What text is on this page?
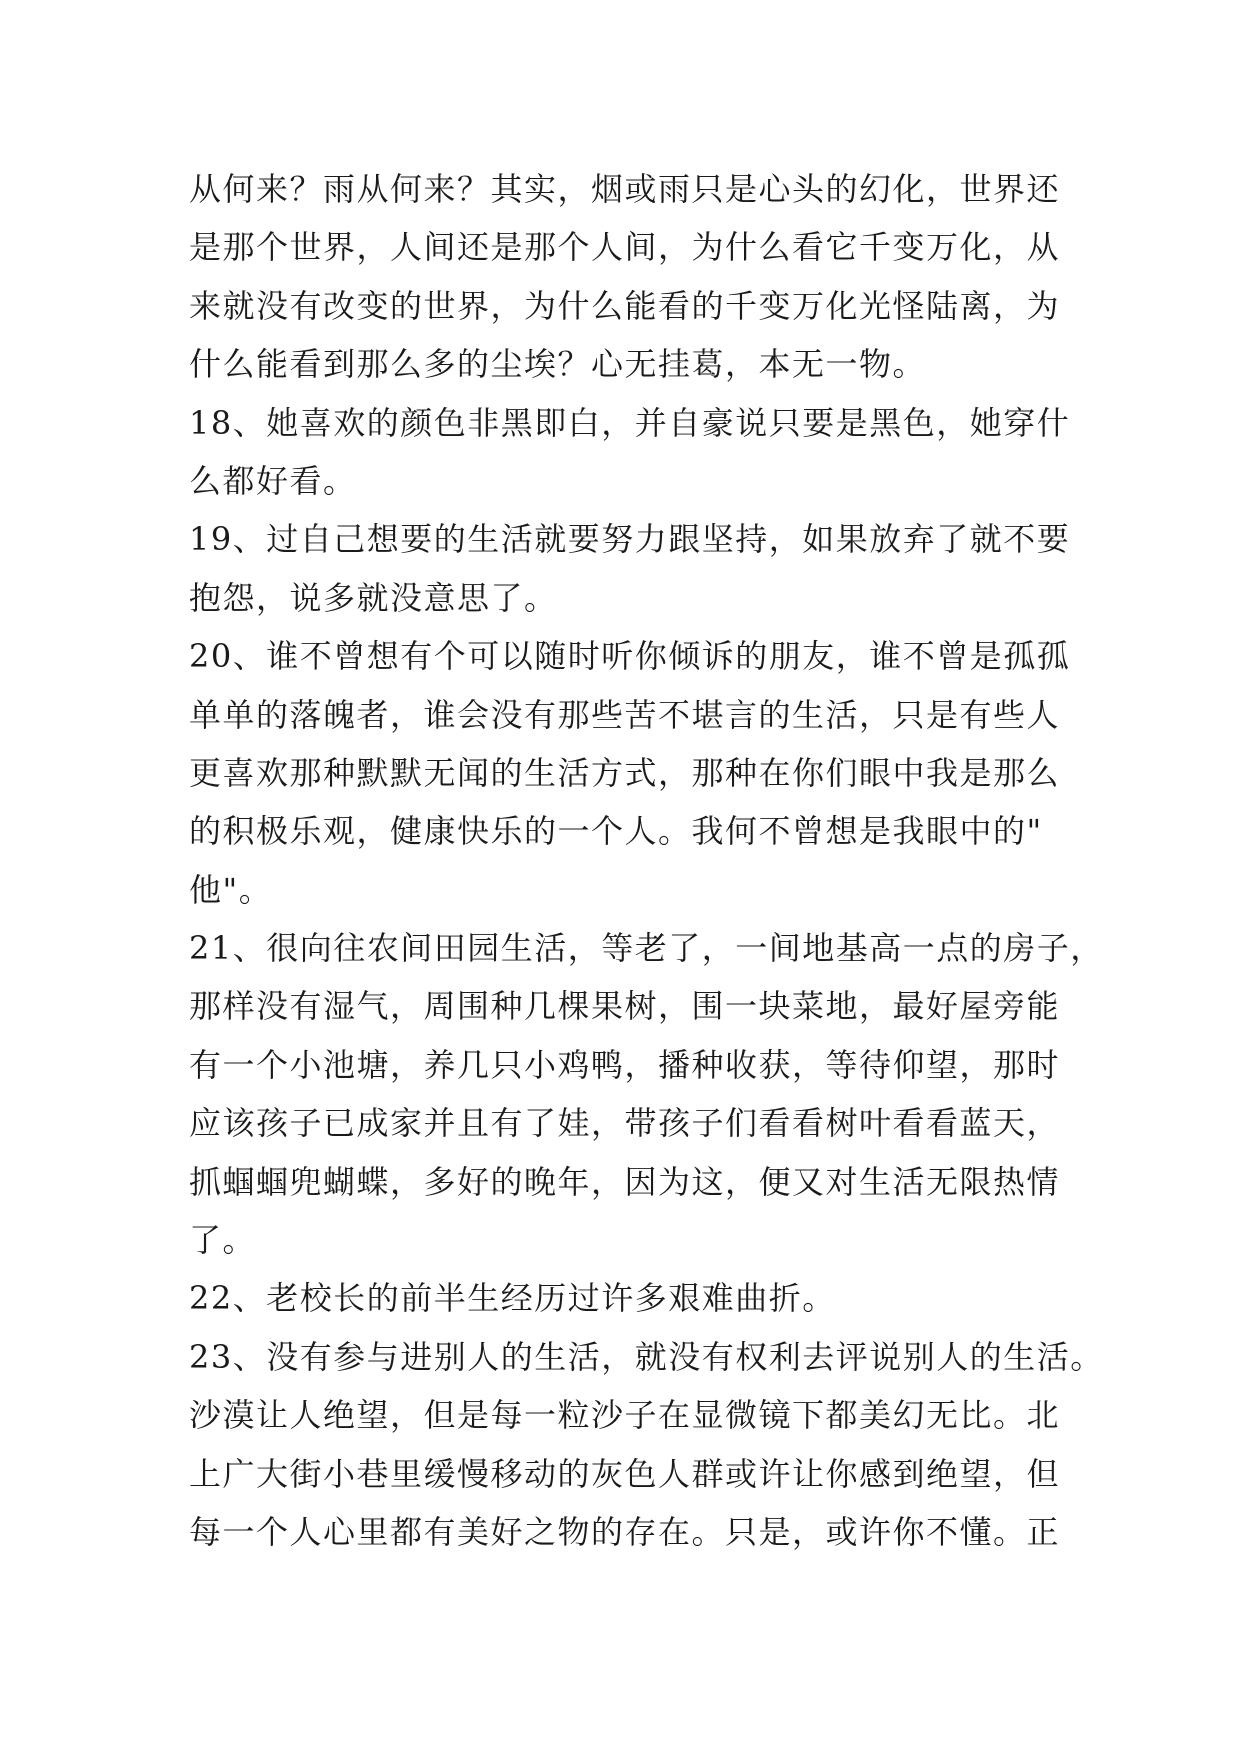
从何来？雨从何来？其实，烟或雨只是心头的幻化，世界还
是那个世界，人间还是那个人间，为什么看它千变万化，从
来就没有改变的世界，为什么能看的千变万化光怪陆离，为
什么能看到那么多的尘埃？心无挂葛，本无一物。
18、她喜欢的颜色非黑即白，并自豪说只要是黑色，她穿什
么都好看。
19、过自己想要的生活就要努力跟坚持，如果放弃了就不要
抱怨，说多就没意思了。
20、谁不曾想有个可以随时听你倾诉的朋友，谁不曾是孤孤
单单的落魄者，谁会没有那些苦不堪言的生活，只是有些人
更喜欢那种默默无闻的生活方式，那种在你们眼中我是那么
的积极乐观，健康快乐的一个人。我何不曾想是我眼中的"
他"。
21、很向往农间田园生活，等老了，一间地基高一点的房子，
那样没有湿气，周围种几棵果树，围一块菜地，最好屋旁能
有一个小池塘，养几只小鸡鸭，播种收获，等待仰望，那时
应该孩子已成家并且有了娃，带孩子们看看树叶看看蓝天，
抓蝈蝈兜蝴蝶，多好的晚年，因为这，便又对生活无限热情
了。
22、老校长的前半生经历过许多艰难曲折。
23、没有参与进别人的生活，就没有权利去评说别人的生活。
沙漠让人绝望，但是每一粒沙子在显微镜下都美幻无比。北
上广大街小巷里缓慢移动的灰色人群或许让你感到绝望，但
每一个人心里都有美好之物的存在。只是，或许你不懂。正
